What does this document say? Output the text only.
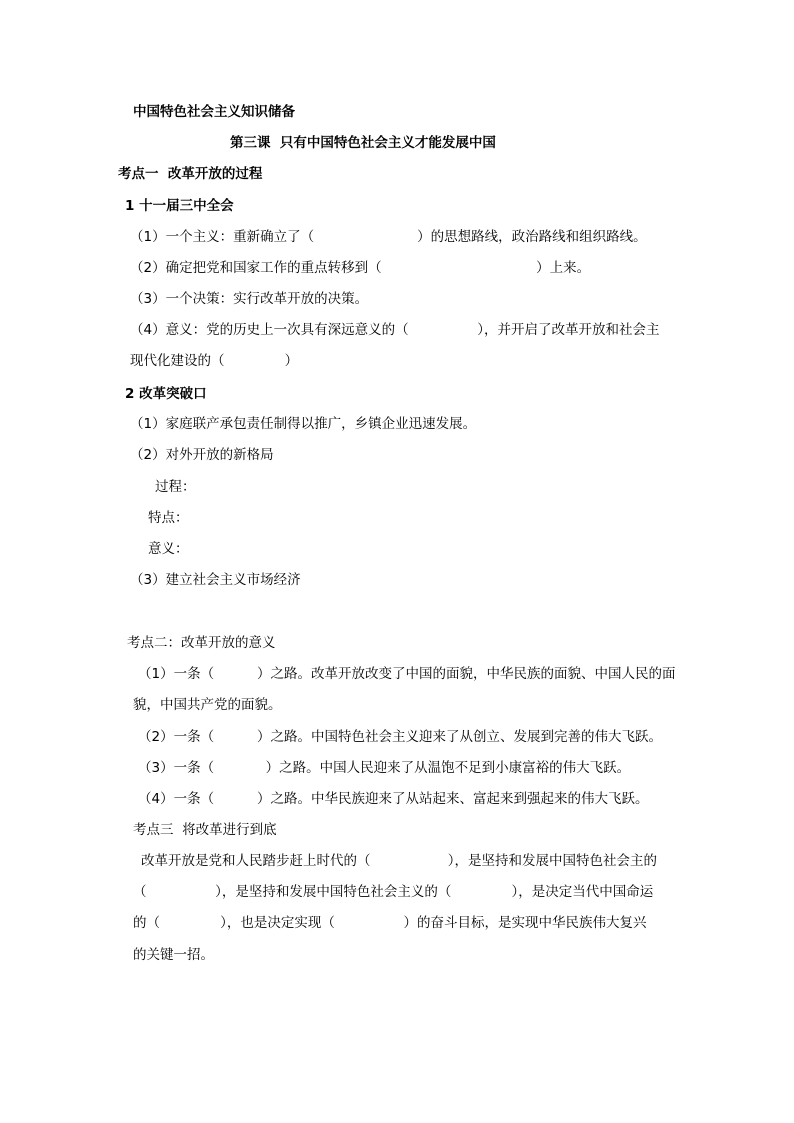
中国特色社会主义知识储备
第三课  只有中国特色社会主义才能发展中国
考点一  改革开放的过程
1 十一届三中全会
（1）一个主义：重新确立了（                        ）的思想路线，政治路线和组织路线。
（2）确定把党和国家工作的重点转移到（                                    ）上来。
（3）一个决策：实行改革开放的决策。
（4）意义：党的历史上一次具有深远意义的（                ），并开启了改革开放和社会主
现代化建设的（              ）
2 改革突破口
（1）家庭联产承包责任制得以推广，乡镇企业迅速发展。
（2）对外开放的新格局
过程：
特点：
意义：
（3）建立社会主义市场经济
考点二：改革开放的意义
（1）一条（          ）之路。改革开放改变了中国的面貌，中华民族的面貌、中国人民的面
貌，中国共产党的面貌。
（2）一条（          ）之路。中国特色社会主义迎来了从创立、发展到完善的伟大飞跃。
（3）一条（            ）之路。中国人民迎来了从温饱不足到小康富裕的伟大飞跃。
（4）一条（          ）之路。中华民族迎来了从站起来、富起来到强起来的伟大飞跃。
考点三  将改革进行到底
改革开放是党和人民踏步赶上时代的（                  ），是坚持和发展中国特色社会主的
（                ），是坚持和发展中国特色社会主义的（              ），是决定当代中国命运
的（              ），也是决定实现（                ）的奋斗目标，是实现中华民族伟大复兴
的关键一招。
